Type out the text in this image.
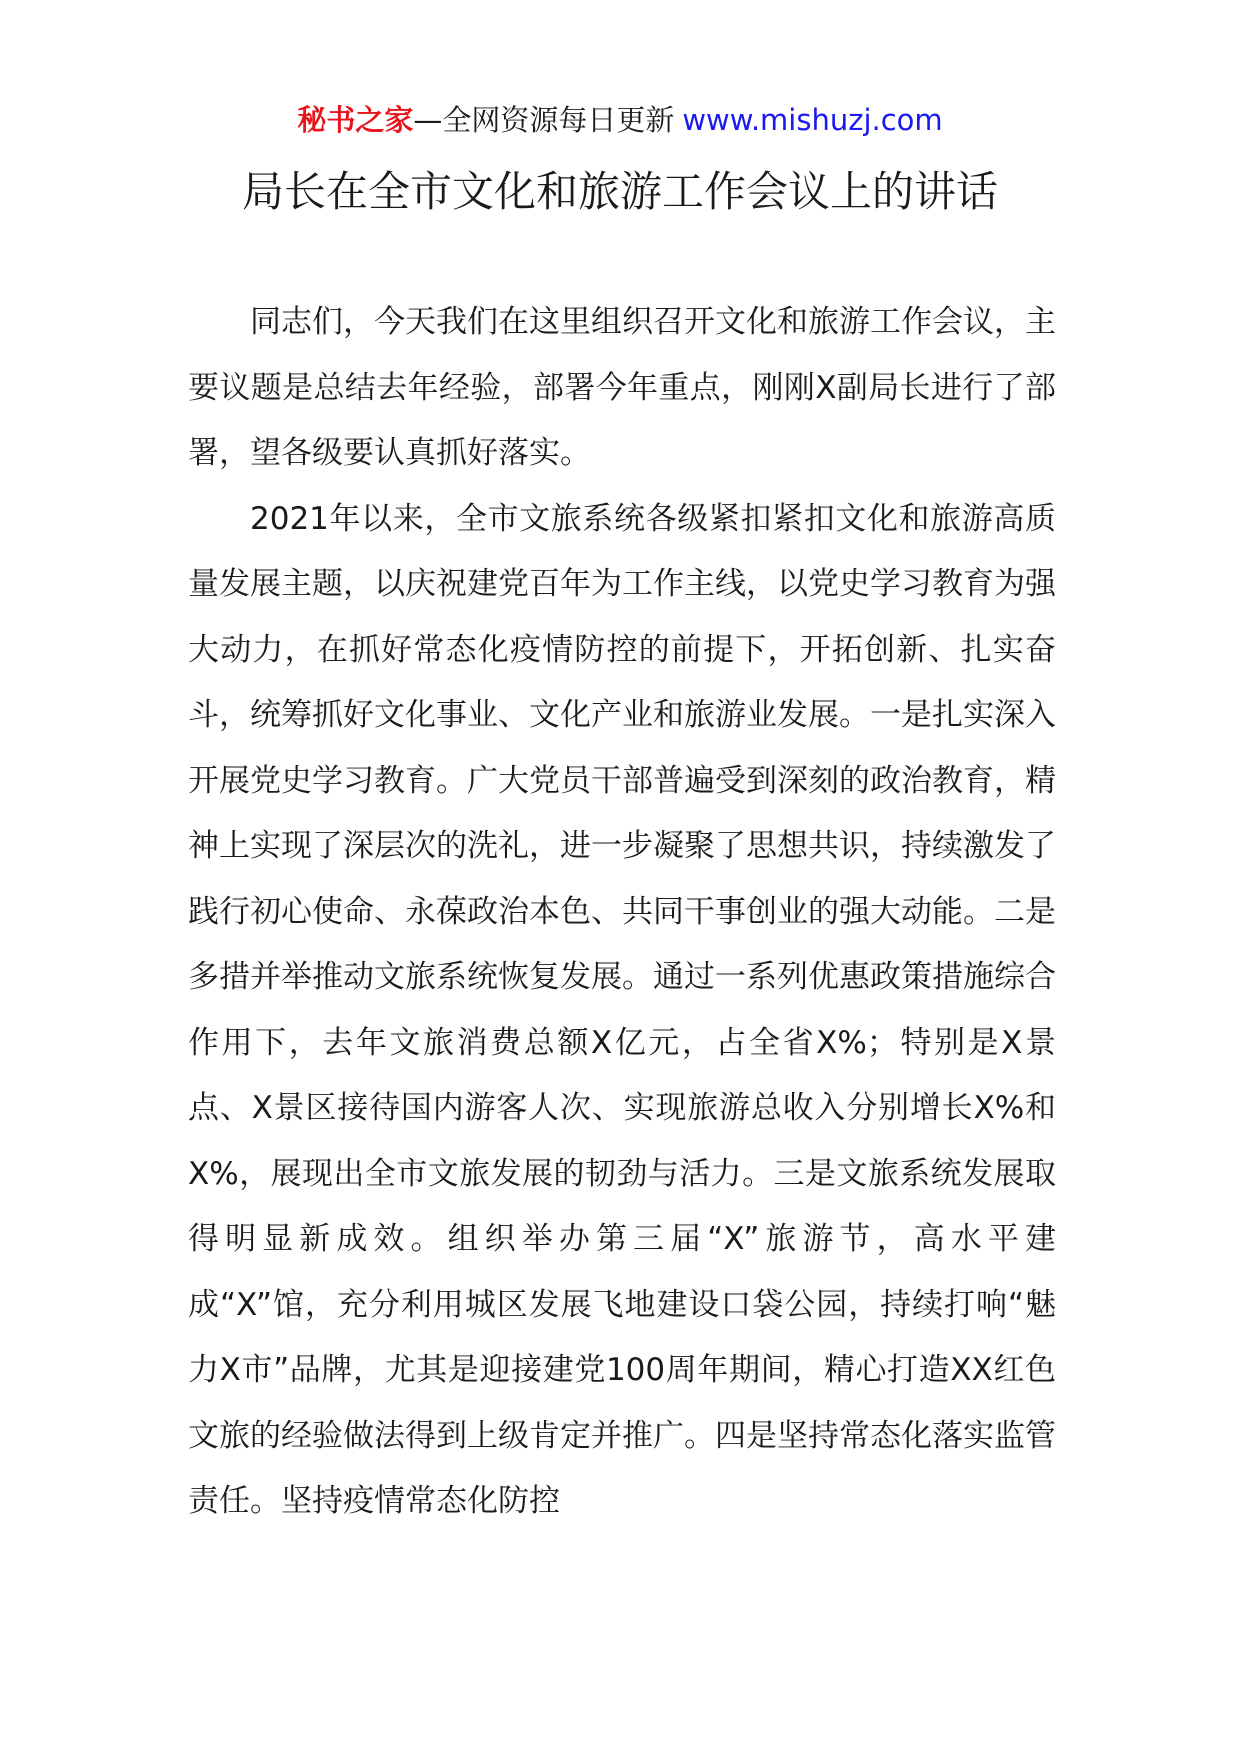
秘书之家—全网资源每日更新 www.mishuzj.com
局长在全市文化和旅游工作会议上的讲话

同志们，今天我们在这里组织召开文化和旅游工作会议，主要议题是总结去年经验，部署今年重点，刚刚X副局长进行了部署，望各级要认真抓好落实。

2021年以来，全市文旅系统各级紧扣紧扣文化和旅游高质量发展主题，以庆祝建党百年为工作主线，以党史学习教育为强大动力，在抓好常态化疫情防控的前提下，开拓创新、扎实奋斗，统筹抓好文化事业、文化产业和旅游业发展。一是扎实深入开展党史学习教育。广大党员干部普遍受到深刻的政治教育，精神上实现了深层次的洗礼，进一步凝聚了思想共识，持续激发了践行初心使命、永葆政治本色、共同干事创业的强大动能。二是多措并举推动文旅系统恢复发展。通过一系列优惠政策措施综合作用下，去年文旅消费总额X亿元，占全省X%；特别是X景点、X景区接待国内游客人次、实现旅游总收入分别增长X%和X%，展现出全市文旅发展的韧劲与活力。三是文旅系统发展取得明显新成效。组织举办第三届“X”旅游节，高水平建成“X”馆，充分利用城区发展飞地建设口袋公园，持续打响“魅力X市”品牌，尤其是迎接建党100周年期间，精心打造XX红色文旅的经验做法得到上级肯定并推广。四是坚持常态化落实监管责任。坚持疫情常态化防控
